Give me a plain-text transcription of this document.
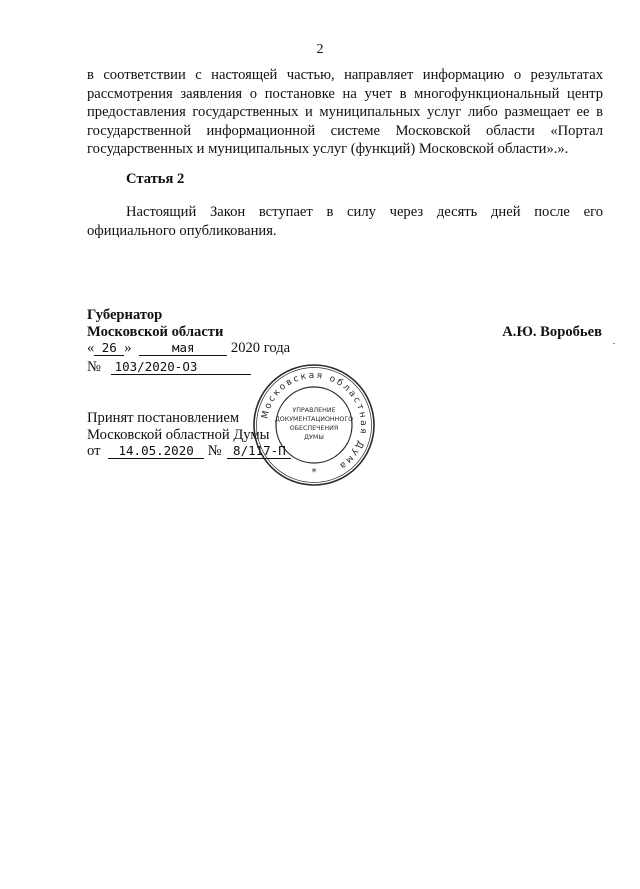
2
в соответствии с настоящей частью, направляет информацию о результатах рассмотрения заявления о постановке на учет в многофункциональный центр предоставления государственных и муниципальных услуг либо размещает ее в государственной информационной системе Московской области «Портал государственных и муниципальных услуг (функций) Московской области».».
Статья 2
Настоящий Закон вступает в силу через десять дней после его официального опубликования.
Губернатор
Московской области	А.Ю. Воробьев
« 26 »	мая 2020 года
№ 103/2020-ОЗ
Принят постановлением
Московской областной Думы
от 14.05.2020 № 8/117-П
Московская областная Дума
УПРАВЛЕНИЕ
ДОКУМЕНТАЦИОННОГО
ОБЕСПЕЧЕНИЯ
ДУМЫ
*
